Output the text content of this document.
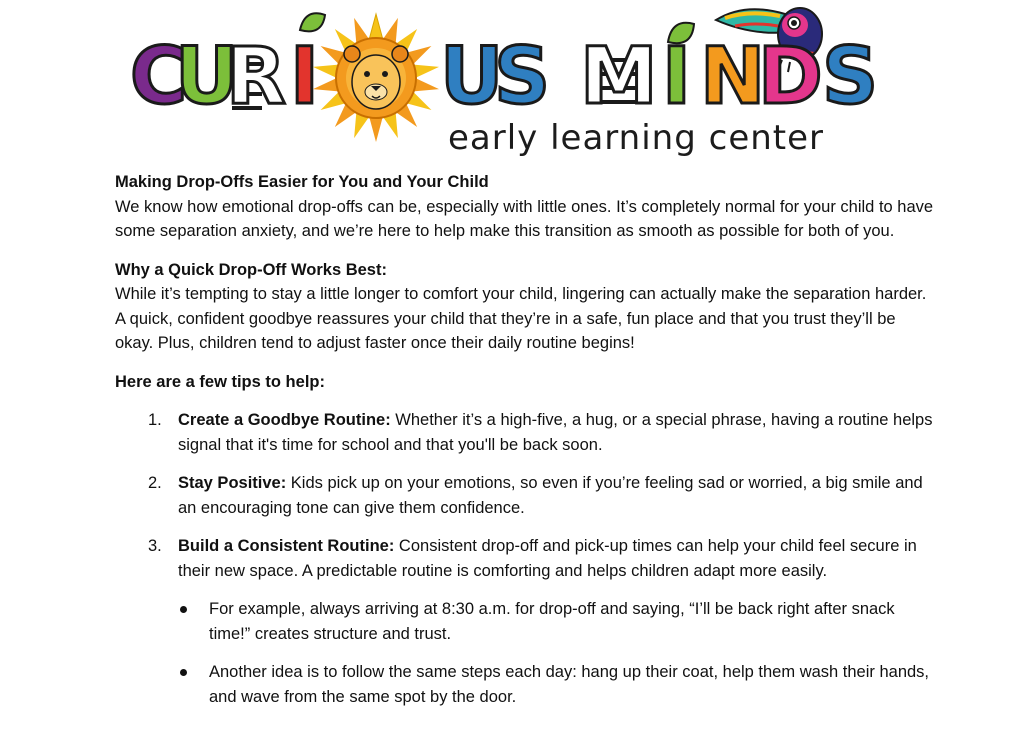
C
U
R I U
S M I N
D S
early learning center

Making Drop-Offs Easier for You and Your Child
We know how emotional drop-offs can be, especially with little ones. It’s completely normal for your child to have some separation anxiety, and we’re here to help make this transition as smooth as possible for both of you.

Why a Quick Drop-Off Works Best:
While it’s tempting to stay a little longer to comfort your child, lingering can actually make the separation harder. A quick, confident goodbye reassures your child that they’re in a safe, fun place and that you trust they’ll be okay. Plus, children tend to adjust faster once their daily routine begins!

Here are a few tips to help:

1. Create a Goodbye Routine: Whether it’s a high-five, a hug, or a special phrase, having a routine helps signal that it's time for school and that you'll be back soon.
2. Stay Positive: Kids pick up on your emotions, so even if you’re feeling sad or worried, a big smile and an encouraging tone can give them confidence.
3. Build a Consistent Routine: Consistent drop-off and pick-up times can help your child feel secure in their new space. A predictable routine is comforting and helps children adapt more easily.
For example, always arriving at 8:30 a.m. for drop-off and saying, “I’ll be back right after snack time!” creates structure and trust.
Another idea is to follow the same steps each day: hang up their coat, help them wash their hands, and wave from the same spot by the door.
